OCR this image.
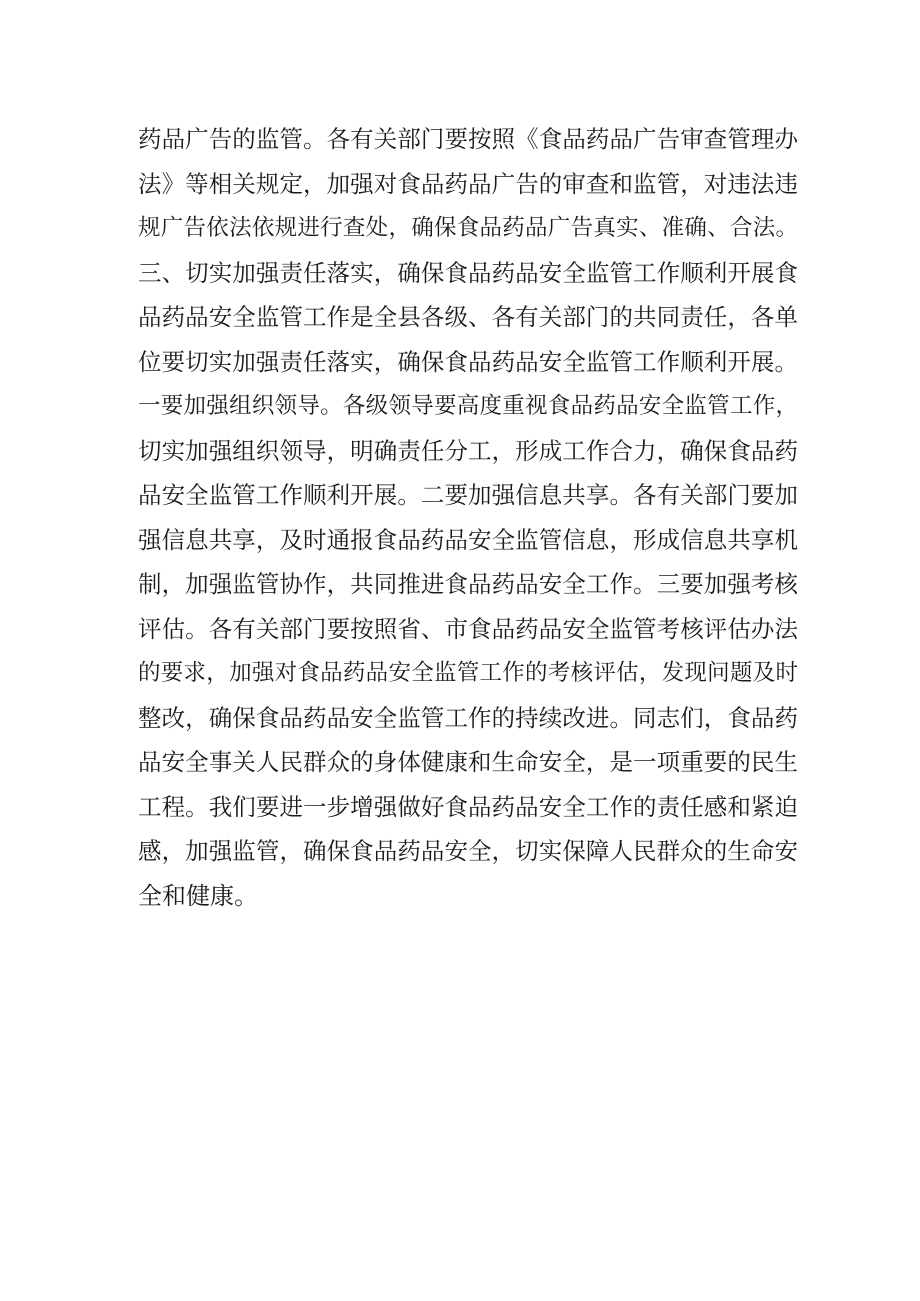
药品广告的监管。各有关部门要按照《食品药品广告审查管理办
法》等相关规定，加强对食品药品广告的审查和监管，对违法违
规广告依法依规进行查处，确保食品药品广告真实、准确、合法。
三、切实加强责任落实，确保食品药品安全监管工作顺利开展食
品药品安全监管工作是全县各级、各有关部门的共同责任，各单
位要切实加强责任落实，确保食品药品安全监管工作顺利开展。
一要加强组织领导。各级领导要高度重视食品药品安全监管工作，
切实加强组织领导，明确责任分工，形成工作合力，确保食品药
品安全监管工作顺利开展。二要加强信息共享。各有关部门要加
强信息共享，及时通报食品药品安全监管信息，形成信息共享机
制，加强监管协作，共同推进食品药品安全工作。三要加强考核
评估。各有关部门要按照省、市食品药品安全监管考核评估办法
的要求，加强对食品药品安全监管工作的考核评估，发现问题及时
整改，确保食品药品安全监管工作的持续改进。同志们，食品药
品安全事关人民群众的身体健康和生命安全，是一项重要的民生
工程。我们要进一步增强做好食品药品安全工作的责任感和紧迫
感，加强监管，确保食品药品安全，切实保障人民群众的生命安
全和健康。
